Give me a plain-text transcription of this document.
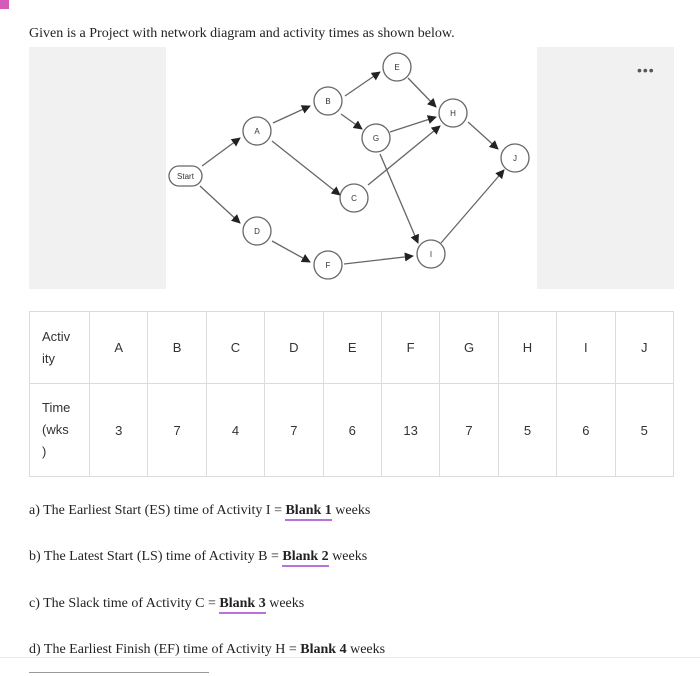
Given is a Project with network diagram and activity times as shown below.
•••
Start
A
B
E
G
H
J
C
D
F
I
Activ
ity	A	B	C	D	E	F	G	H	I	J
Time
(wks
)	3	7	4	7	6	13	7	5	6	5
a) The Earliest Start (ES) time of Activity I = Blank 1 weeks
b) The Latest Start (LS) time of Activity B = Blank 2 weeks
c) The Slack time of Activity C = Blank 3 weeks
d) The Earliest Finish (EF) time of Activity H = Blank 4 weeks
